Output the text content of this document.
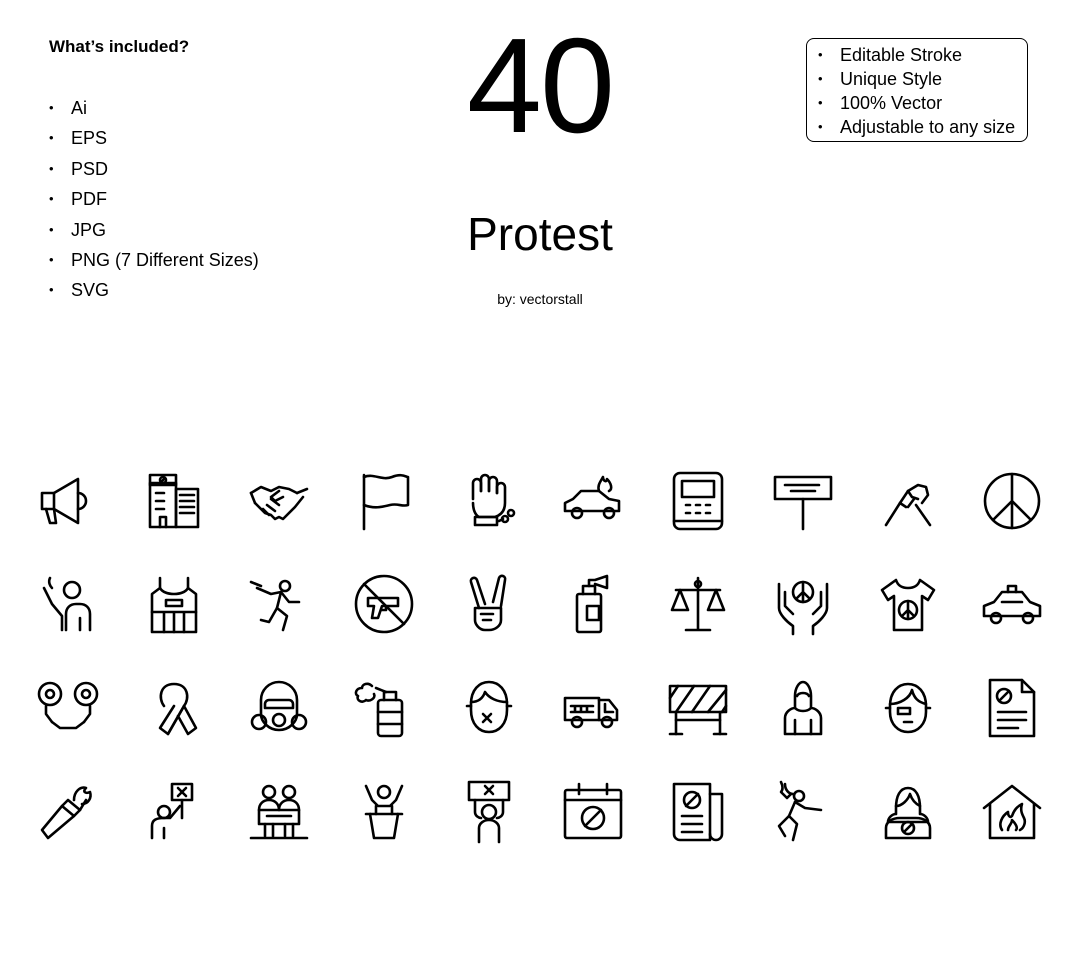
What’s included?
• Ai
• EPS
• PSD
• PDF
• JPG
• PNG (7 Different Sizes)
• SVG
40
Protest
by: vectorstall
• Editable Stroke
• Unique Style
• 100% Vector
• Adjustable to any size
